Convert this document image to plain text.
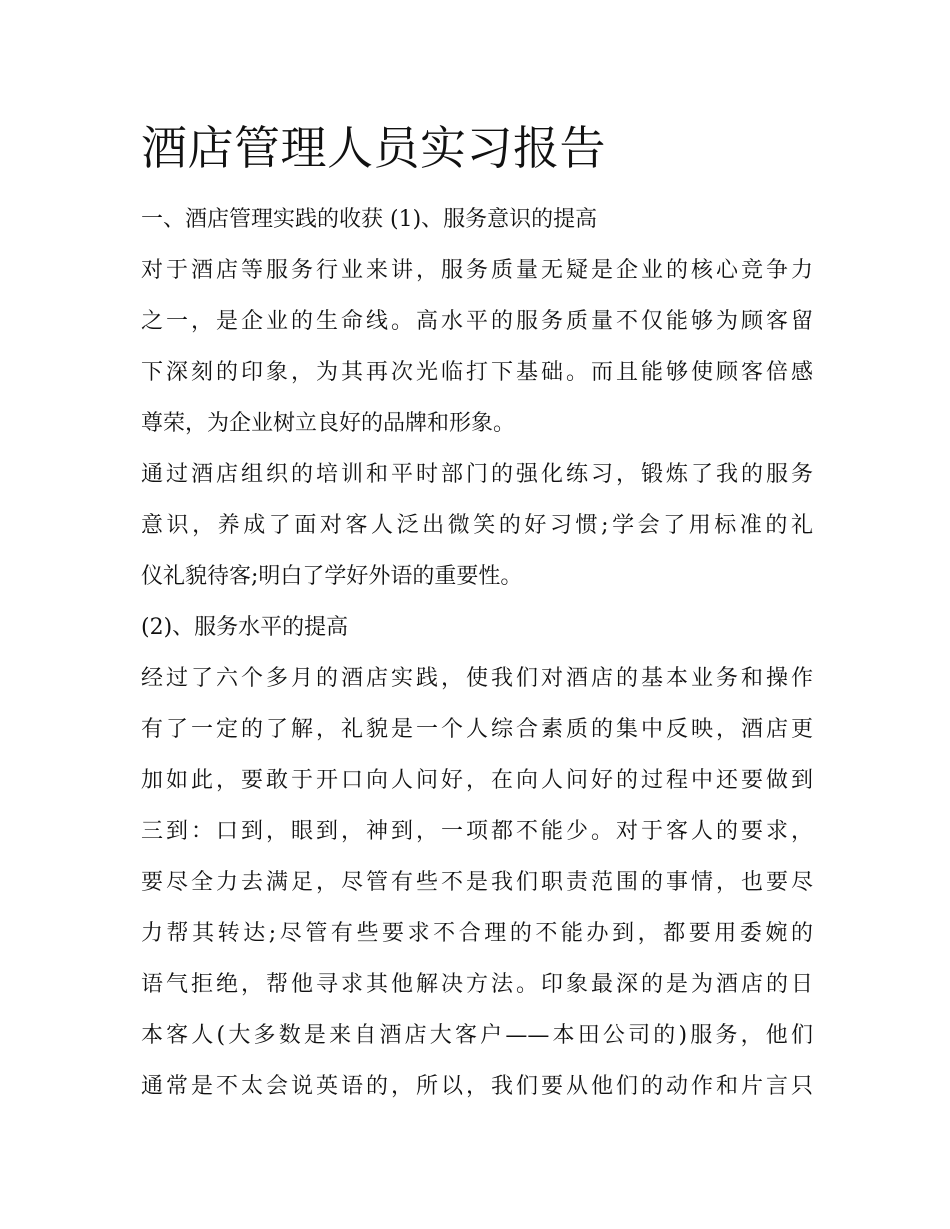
酒店管理人员实习报告
一、酒店管理实践的收获 (1)、服务意识的提高

对于酒店等服务行业来讲，服务质量无疑是企业的核心竞争力
之一，是企业的生命线。高水平的服务质量不仅能够为顾客留
下深刻的印象，为其再次光临打下基础。而且能够使顾客倍感
尊荣，为企业树立良好的品牌和形象。

通过酒店组织的培训和平时部门的强化练习，锻炼了我的服务
意识，养成了面对客人泛出微笑的好习惯;学会了用标准的礼
仪礼貌待客;明白了学好外语的重要性。

(2)、服务水平的提高

经过了六个多月的酒店实践，使我们对酒店的基本业务和操作
有了一定的了解，礼貌是一个人综合素质的集中反映，酒店更
加如此，要敢于开口向人问好，在向人问好的过程中还要做到
三到：口到，眼到，神到，一项都不能少。对于客人的要求，
要尽全力去满足，尽管有些不是我们职责范围的事情，也要尽
力帮其转达;尽管有些要求不合理的不能办到，都要用委婉的
语气拒绝，帮他寻求其他解决方法。印象最深的是为酒店的日
本客人(大多数是来自酒店大客户——本田公司的)服务，他们
通常是不太会说英语的，所以，我们要从他们的动作和片言只
